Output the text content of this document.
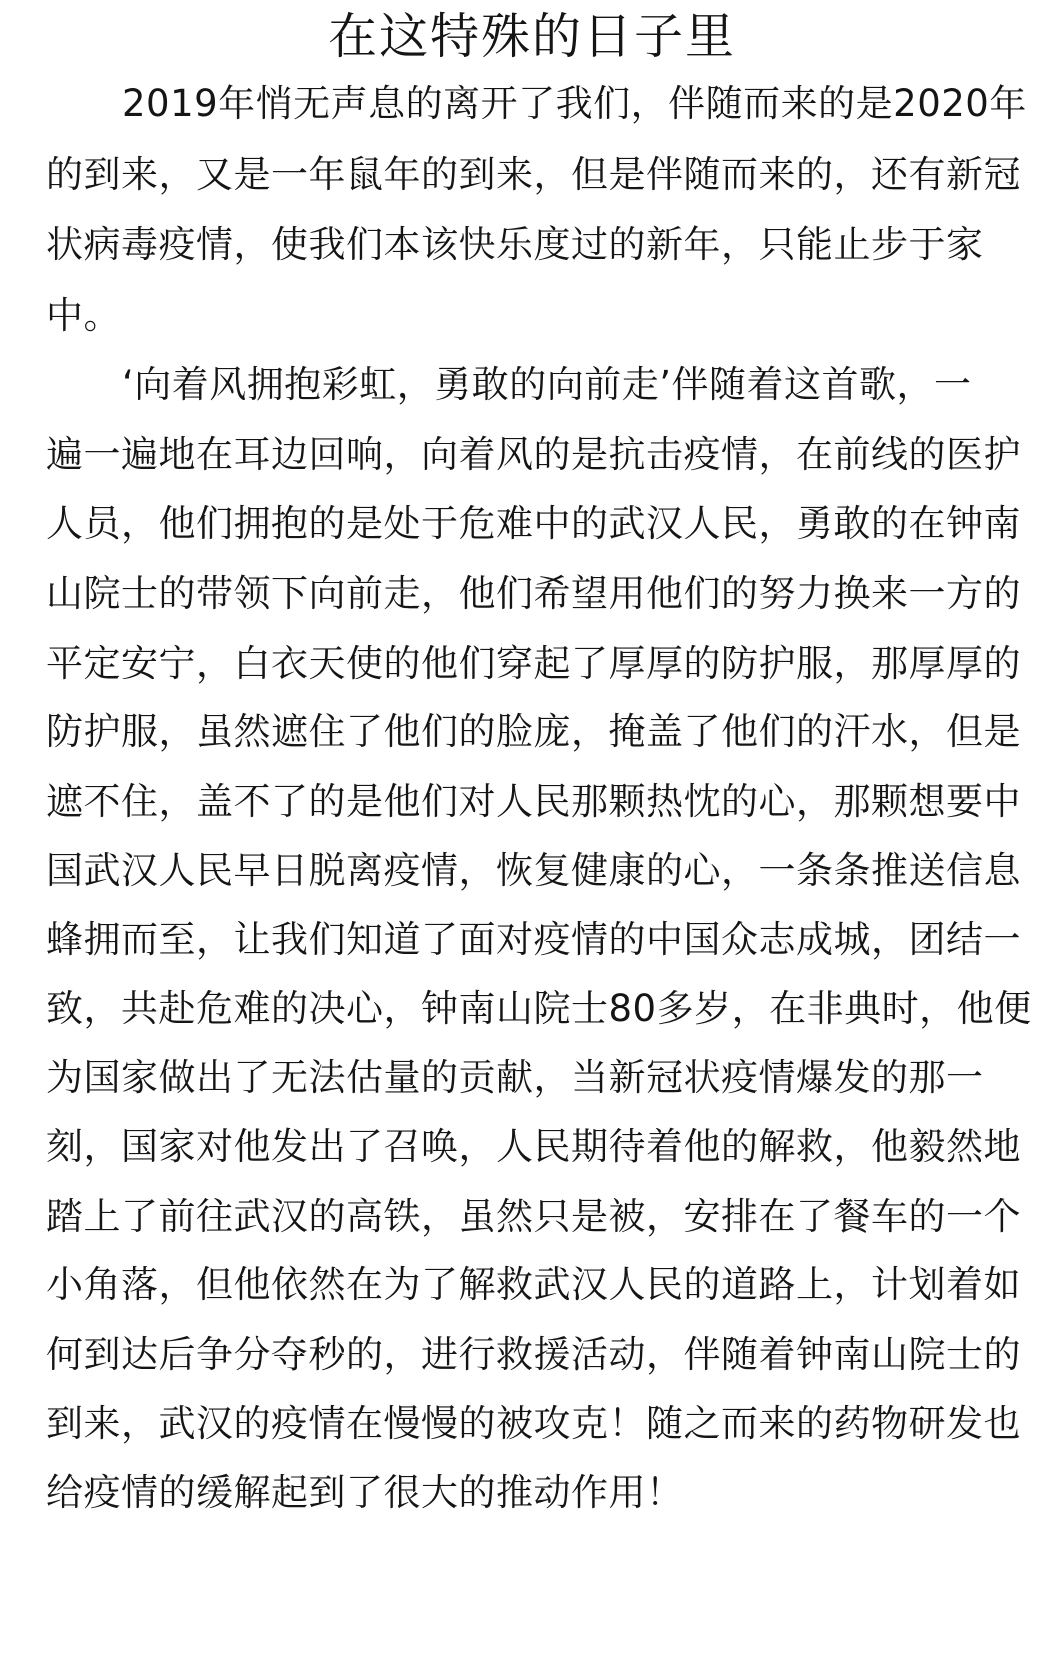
在这特殊的日子里
2019年悄无声息的离开了我们，伴随而来的是2020年
的到来，又是一年鼠年的到来，但是伴随而来的，还有新冠
状病毒疫情，使我们本该快乐度过的新年，只能止步于家
中。
‘向着风拥抱彩虹，勇敢的向前走’伴随着这首歌，一
遍一遍地在耳边回响，向着风的是抗击疫情，在前线的医护
人员，他们拥抱的是处于危难中的武汉人民，勇敢的在钟南
山院士的带领下向前走，他们希望用他们的努力换来一方的
平定安宁，白衣天使的他们穿起了厚厚的防护服，那厚厚的
防护服，虽然遮住了他们的脸庞，掩盖了他们的汗水，但是
遮不住，盖不了的是他们对人民那颗热忱的心，那颗想要中
国武汉人民早日脱离疫情，恢复健康的心，一条条推送信息
蜂拥而至，让我们知道了面对疫情的中国众志成城，团结一
致，共赴危难的决心，钟南山院士80多岁，在非典时，他便
为国家做出了无法估量的贡献，当新冠状疫情爆发的那一
刻，国家对他发出了召唤，人民期待着他的解救，他毅然地
踏上了前往武汉的高铁，虽然只是被，安排在了餐车的一个
小角落，但他依然在为了解救武汉人民的道路上，计划着如
何到达后争分夺秒的，进行救援活动，伴随着钟南山院士的
到来，武汉的疫情在慢慢的被攻克！随之而来的药物研发也
给疫情的缓解起到了很大的推动作用！
